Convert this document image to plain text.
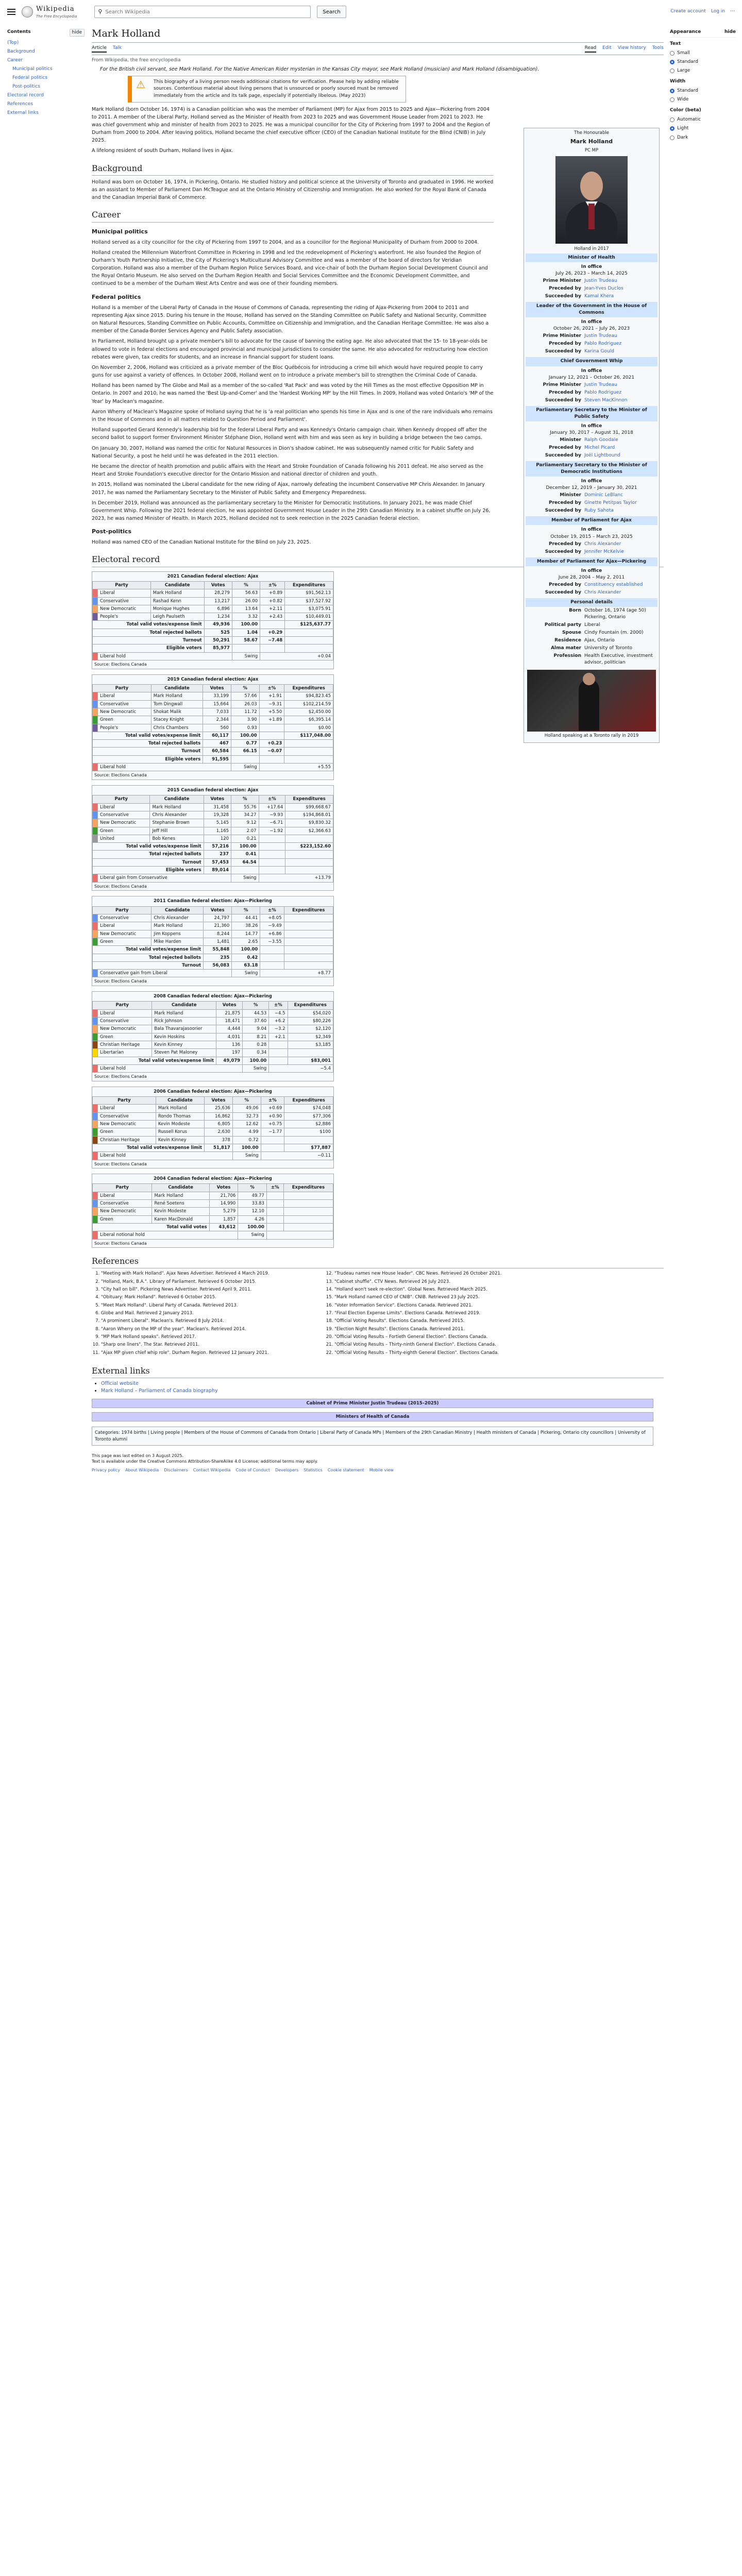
Wikipedia
The Free Encyclopedia
⚲
Search Wikipedia	Search	Create account Log in ⋯
Contents	hide
(Top)
Background
Career
Municipal politics
Federal politics
Post-politics
Electoral record
References
External links
Appearance	hide
Text
Small
Standard
Large
Width
Standard
Wide
Color (beta)
Automatic
Light
Dark
Mark Holland
Article Talk	Read Edit View history Tools
From Wikipedia, the free encyclopedia
For the British civil servant, see Mark Holland. For the Native American Rider mysterian in the Kansas City mayor, see Mark Holland (musician) and Mark Holland (disambiguation).
⚠	This biography of a living person needs additional citations for verification. Please help by adding reliable sources. Contentious material about living persons that is unsourced or poorly sourced must be removed immediately from the article and its talk page, especially if potentially libelous. (May 2023)

Mark Holland (born October 16, 1974) is a Canadian politician who was the member of Parliament (MP) for Ajax from 2015 to 2025 and Ajax—Pickering from 2004 to 2011. A member of the Liberal Party, Holland served as the Minister of Health from 2023 to 2025 and was Government House Leader from 2021 to 2023. He was chief government whip and minister of health from 2023 to 2025. He was a municipal councillor for the City of Pickering from 1997 to 2004 and the Region of Durham from 2000 to 2004. After leaving politics, Holland became the chief executive officer (CEO) of the Canadian National Institute for the Blind (CNIB) in July 2025.

A lifelong resident of south Durham, Holland lives in Ajax.

Background

Holland was born on October 16, 1974, in Pickering, Ontario. He studied history and political science at the University of Toronto and graduated in 1996. He worked as an assistant to Member of Parliament Dan McTeague and at the Ontario Ministry of Citizenship and Immigration. He also worked for the Royal Bank of Canada and the Canadian Imperial Bank of Commerce.

Career
Municipal politics

Holland served as a city councillor for the city of Pickering from 1997 to 2004, and as a councillor for the Regional Municipality of Durham from 2000 to 2004.

Holland created the Millennium Waterfront Committee in Pickering in 1998 and led the redevelopment of Pickering's waterfront. He also founded the Region of Durham's Youth Partnership Initiative, the City of Pickering's Multicultural Advisory Committee and was a member of the board of directors for Veridian Corporation. Holland was also a member of the Durham Region Police Services Board, and vice-chair of both the Durham Region Social Development Council and the Royal Ontario Museum. He also served on the Durham Region Health and Social Services Committee and the Economic Development Committee, and continued to be a member of the Durham West Arts Centre and was one of their founding members.

Federal politics

Holland is a member of the Liberal Party of Canada in the House of Commons of Canada, representing the riding of Ajax-Pickering from 2004 to 2011 and representing Ajax since 2015. During his tenure in the House, Holland has served on the Standing Committee on Public Safety and National Security, Committee on Natural Resources, Standing Committee on Public Accounts, Committee on Citizenship and Immigration, and the Canadian Heritage Committee. He was also a member of the Canada-Border Services Agency and Public Safety association.

In Parliament, Holland brought up a private member's bill to advocate for the cause of banning the eating age. He also advocated that the 15- to 18-year-olds be allowed to vote in federal elections and encouraged provincial and municipal jurisdictions to consider the same. He also advocated for restructuring how election rebates were given, tax credits for students, and an increase in financial support for student loans.

On November 2, 2006, Holland was criticized as a private member of the Bloc Québécois for introducing a crime bill which would have required people to carry guns for use against a variety of offences. In October 2008, Holland went on to introduce a private member's bill to strengthen the Criminal Code of Canada.

Holland has been named by The Globe and Mail as a member of the so-called 'Rat Pack' and was voted by the Hill Times as the most effective Opposition MP in Ontario. In 2007 and 2010, he was named the 'Best Up-and-Comer' and the 'Hardest Working MP' by the Hill Times. In 2009, Holland was voted Ontario's 'MP of the Year' by Maclean's magazine.

Aaron Wherry of Maclean's Magazine spoke of Holland saying that he is 'a real politician who spends his time in Ajax and is one of the rare individuals who remains in the House of Commons and in all matters related to Question Period and Parliament'.

Holland supported Gerard Kennedy's leadership bid for the federal Liberal Party and was Kennedy's Ontario campaign chair. When Kennedy dropped off after the second ballot to support former Environment Minister Stéphane Dion, Holland went with him and was seen as key in building a bridge between the two camps.

On January 30, 2007, Holland was named the critic for Natural Resources in Dion's shadow cabinet. He was subsequently named critic for Public Safety and National Security, a post he held until he was defeated in the 2011 election.

He became the director of health promotion and public affairs with the Heart and Stroke Foundation of Canada following his 2011 defeat. He also served as the Heart and Stroke Foundation's executive director for the Ontario Mission and national director of children and youth.

In 2015, Holland was nominated the Liberal candidate for the new riding of Ajax, narrowly defeating the incumbent Conservative MP Chris Alexander. In January 2017, he was named the Parliamentary Secretary to the Minister of Public Safety and Emergency Preparedness.

In December 2019, Holland was announced as the parliamentary secretary to the Minister for Democratic Institutions. In January 2021, he was made Chief Government Whip. Following the 2021 federal election, he was appointed Government House Leader in the 29th Canadian Ministry. In a cabinet shuffle on July 26, 2023, he was named Minister of Health. In March 2025, Holland decided not to seek reelection in the 2025 Canadian federal election.

Post-politics

Holland was named CEO of the Canadian National Institute for the Blind on July 23, 2025.

The Honourable
Mark Holland
PC MP
Holland in 2017
Minister of Health
In office
July 26, 2023 – March 14, 2025
Prime Minister Justin Trudeau
Preceded by Jean-Yves Duclos
Succeeded by Kamal Khera
Leader of the Government in the House of Commons
In office
October 26, 2021 – July 26, 2023
Prime Minister Justin Trudeau
Preceded by Pablo Rodriguez
Succeeded by Karina Gould
Chief Government Whip
In office
January 12, 2021 – October 26, 2021
Prime Minister Justin Trudeau
Preceded by Pablo Rodriguez
Succeeded by Steven MacKinnon
Parliamentary Secretary to the Minister of Public Safety
In office
January 30, 2017 – August 31, 2018
Minister Ralph Goodale
Preceded by Michel Picard
Succeeded by Joël Lightbound
Parliamentary Secretary to the Minister of Democratic Institutions
In office
December 12, 2019 – January 30, 2021
Minister Dominic LeBlanc
Preceded by Ginette Petitpas Taylor
Succeeded by Ruby Sahota
Member of Parliament for Ajax
In office
October 19, 2015 – March 23, 2025
Preceded by Chris Alexander
Succeeded by Jennifer McKelvie
Member of Parliament for Ajax—Pickering
In office
June 28, 2004 – May 2, 2011
Preceded by Constituency established
Succeeded by Chris Alexander
Personal details
Born October 16, 1974 (age 50) Pickering, Ontario
Political party Liberal
Spouse Cindy Fountain (m. 2000)
Residence Ajax, Ontario
Alma mater University of Toronto
Profession Health Executive, investment advisor, politician
Holland speaking at a Toronto rally in 2019
Electoral record
2021 Canadian federal election: Ajax
Party		Candidate	Votes	%	±%	Expenditures
	Liberal	Mark Holland	28,279	56.63	+0.89	$91,562.13
	Conservative	Rashad Kenn	13,217	26.00	+0.82	$37,527.92
	New Democratic	Monique Hughes	6,896	13.64	+2.11	$3,075.91
	People's	Leigh Paulseth	1,234	3.32	+2.43	$10,449.01
Total valid votes/expense limit			49,936	100.00		$125,637.77
Total rejected ballots			525	1.04	+0.29	
Turnout			50,291	58.67	−7.48	
Eligible voters			85,977			
	Liberal hold			Swing	+0.04	
Source: Elections Canada
2019 Canadian federal election: Ajax
Party		Candidate	Votes	%	±%	Expenditures
	Liberal	Mark Holland	33,199	57.66	+1.91	$94,823.45
	Conservative	Tom Dingwall	15,664	26.03	−9.31	$102,214.59
	New Democratic	Shokat Malik	7,033	11.72	+5.50	$2,450.00
	Green	Stacey Knight	2,344	3.90	+1.89	$6,395.14
	People's	Chris Chambers	560	0.93		$0.00
Total valid votes/expense limit			60,117	100.00		$117,048.00
Total rejected ballots			467	0.77	+0.23	
Turnout			60,584	66.15	−0.07	
Eligible voters			91,595			
	Liberal hold			Swing	+5.55	
Source: Elections Canada
2015 Canadian federal election: Ajax
Party		Candidate	Votes	%	±%	Expenditures
	Liberal	Mark Holland	31,458	55.76	+17.64	$99,668.67
	Conservative	Chris Alexander	19,328	34.27	−9.93	$194,868.01
	New Democratic	Stephanie Brown	5,145	9.12	−6.71	$9,830.32
	Green	Jeff Hill	1,165	2.07	−1.92	$2,366.63
	United	Bob Kenes	120	0.21		
Total valid votes/expense limit			57,216	100.00		$223,152.60
Total rejected ballots			237	0.41		
Turnout			57,453	64.54		
Eligible voters			89,014			
	Liberal gain from Conservative			Swing	+13.79	
Source: Elections Canada
2011 Canadian federal election: Ajax—Pickering
Party		Candidate	Votes	%	±%	Expenditures
	Conservative	Chris Alexander	24,797	44.41	+8.05	
	Liberal	Mark Holland	21,360	38.26	−9.49	
	New Democratic	Jim Koppens	8,244	14.77	+6.86	
	Green	Mike Harden	1,481	2.65	−3.55	
Total valid votes/expense limit			55,848	100.00		
Total rejected ballots			235	0.42		
Turnout			56,083	63.18		
	Conservative gain from Liberal			Swing	+8.77	
Source: Elections Canada
2008 Canadian federal election: Ajax—Pickering
Party		Candidate	Votes	%	±%	Expenditures
	Liberal	Mark Holland	21,875	44.53	−4.5	$54,020
	Conservative	Rick Johnson	18,471	37.60	+6.2	$80,226
	New Democratic	Bala Thavarajasoorier	4,444	9.04	−3.2	$2,120
	Green	Kevin Hoskins	4,031	8.21	+2.1	$2,349
	Christian Heritage	Kevin Kinney	136	0.28		$3,185
	Libertarian	Steven Pat Maloney	197	0.34		
Total valid votes/expense limit			49,079	100.00		$83,001
	Liberal hold			Swing	−5.4	
Source: Elections Canada
2006 Canadian federal election: Ajax—Pickering
Party		Candidate	Votes	%	±%	Expenditures
	Liberal	Mark Holland	25,636	49.06	+0.69	$74,048
	Conservative	Rondo Thomas	16,862	32.73	+0.90	$77,306
	New Democratic	Kevin Modeste	6,805	12.62	+0.75	$2,886
	Green	Russell Korus	2,630	4.99	−1.77	$100
	Christian Heritage	Kevin Kinney	378	0.72		
Total valid votes/expense limit			51,817	100.00		$77,887
	Liberal hold			Swing	−0.11	
Source: Elections Canada
2004 Canadian federal election: Ajax—Pickering
Party		Candidate	Votes	%	±%	Expenditures
	Liberal	Mark Holland	21,706	49.77		
	Conservative	René Soetens	14,990	33.83		
	New Democratic	Kevin Modeste	5,279	12.10		
	Green	Karen MacDonald	1,857	4.26		
Total valid votes			43,612	100.00		
	Liberal notional hold			Swing		
Source: Elections Canada
References
1. "Meeting with Mark Holland". Ajax News Advertiser. Retrieved 4 March 2019.
2. "Holland, Mark, B.A.". Library of Parliament. Retrieved 6 October 2015.
3. "City hall on bill". Pickering News Advertiser. Retrieved April 9, 2011.
4. "Obituary: Mark Holland". Retrieved 6 October 2015.
5. "Meet Mark Holland". Liberal Party of Canada. Retrieved 2013.
6. Globe and Mail. Retrieved 2 January 2013.
7. "A prominent Liberal". Maclean's. Retrieved 8 July 2014.
8. "Aaron Wherry on the MP of the year". Maclean's. Retrieved 2014.
9. "MP Mark Holland speaks". Retrieved 2017.
10. "Sharp one liners". The Star. Retrieved 2011.
11. "Ajax MP given chief whip role". Durham Region. Retrieved 12 January 2021.
12. "Trudeau names new House leader". CBC News. Retrieved 26 October 2021.
13. "Cabinet shuffle". CTV News. Retrieved 26 July 2023.
14. "Holland won't seek re-election". Global News. Retrieved March 2025.
15. "Mark Holland named CEO of CNIB". CNIB. Retrieved 23 July 2025.
16. "Voter Information Service". Elections Canada. Retrieved 2021.
17. "Final Election Expense Limits". Elections Canada. Retrieved 2019.
18. "Official Voting Results". Elections Canada. Retrieved 2015.
19. "Election Night Results". Elections Canada. Retrieved 2011.
20. "Official Voting Results – Fortieth General Election". Elections Canada.
21. "Official Voting Results – Thirty-ninth General Election". Elections Canada.
22. "Official Voting Results – Thirty-eighth General Election". Elections Canada.
External links
• Official website
• Mark Holland – Parliament of Canada biography
Cabinet of Prime Minister Justin Trudeau (2015–2025)
Ministers of Health of Canada
Categories: 1974 births | Living people | Members of the House of Commons of Canada from Ontario | Liberal Party of Canada MPs | Members of the 29th Canadian Ministry | Health ministers of Canada | Pickering, Ontario city councillors | University of Toronto alumni
This page was last edited on 3 August 2025.
Text is available under the Creative Commons Attribution-ShareAlike 4.0 License; additional terms may apply.
Privacy policy About Wikipedia Disclaimers Contact Wikipedia Code of Conduct Developers Statistics Cookie statement Mobile view
